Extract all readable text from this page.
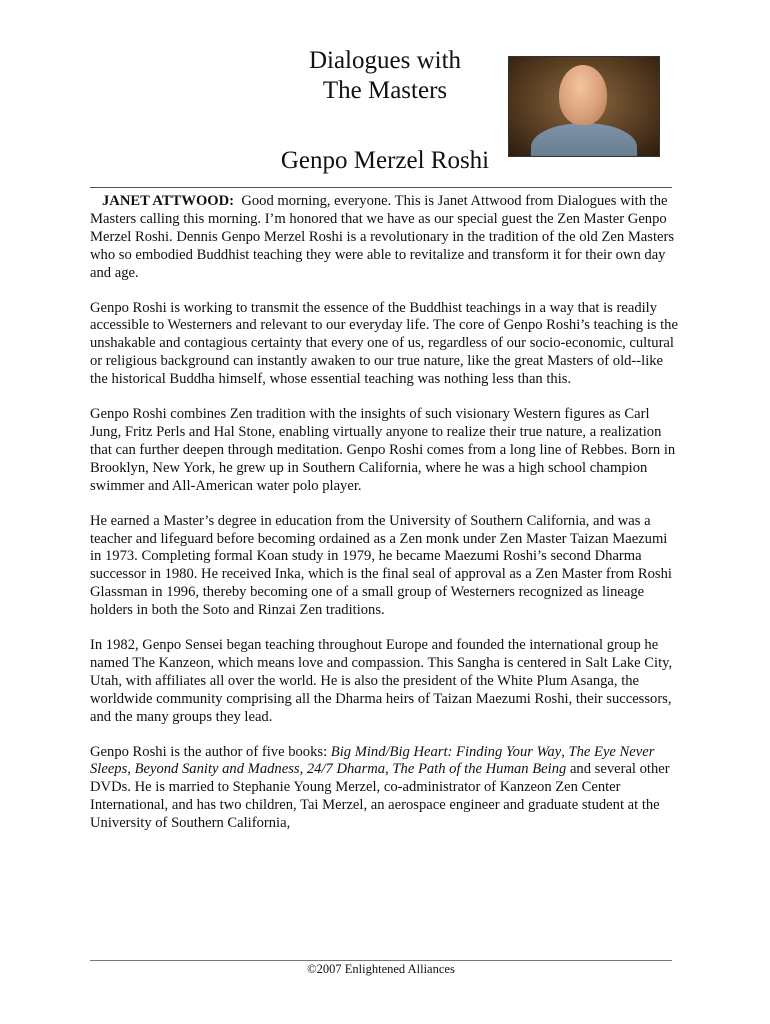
Dialogues with
The Masters
Genpo Merzel Roshi

JANET ATTWOOD: Good morning, everyone. This is Janet Attwood from Dialogues with the Masters calling this morning. I’m honored that we have as our special guest the Zen Master Genpo Merzel Roshi. Dennis Genpo Merzel Roshi is a revolutionary in the tradition of the old Zen Masters who so embodied Buddhist teaching they were able to revitalize and transform it for their own day and age.

Genpo Roshi is working to transmit the essence of the Buddhist teachings in a way that is readily accessible to Westerners and relevant to our everyday life. The core of Genpo Roshi’s teaching is the unshakable and contagious certainty that every one of us, regardless of our socio-economic, cultural or religious background can instantly awaken to our true nature, like the great Masters of old--like the historical Buddha himself, whose essential teaching was nothing less than this.

Genpo Roshi combines Zen tradition with the insights of such visionary Western figures as Carl Jung, Fritz Perls and Hal Stone, enabling virtually anyone to realize their true nature, a realization that can further deepen through meditation. Genpo Roshi comes from a long line of Rebbes. Born in Brooklyn, New York, he grew up in Southern California, where he was a high school champion swimmer and All-American water polo player.

He earned a Master’s degree in education from the University of Southern California, and was a teacher and lifeguard before becoming ordained as a Zen monk under Zen Master Taizan Maezumi in 1973. Completing formal Koan study in 1979, he became Maezumi Roshi’s second Dharma successor in 1980. He received Inka, which is the final seal of approval as a Zen Master from Roshi Glassman in 1996, thereby becoming one of a small group of Westerners recognized as lineage holders in both the Soto and Rinzai Zen traditions.

In 1982, Genpo Sensei began teaching throughout Europe and founded the international group he named The Kanzeon, which means love and compassion. This Sangha is centered in Salt Lake City, Utah, with affiliates all over the world. He is also the president of the White Plum Asanga, the worldwide community comprising all the Dharma heirs of Taizan Maezumi Roshi, their successors, and the many groups they lead.

Genpo Roshi is the author of five books: Big Mind/Big Heart: Finding Your Way, The Eye Never Sleeps, Beyond Sanity and Madness, 24/7 Dharma, The Path of the Human Being and several other DVDs. He is married to Stephanie Young Merzel, co-administrator of Kanzeon Zen Center International, and has two children, Tai Merzel, an aerospace engineer and graduate student at the University of Southern California,

©2007 Enlightened Alliances
